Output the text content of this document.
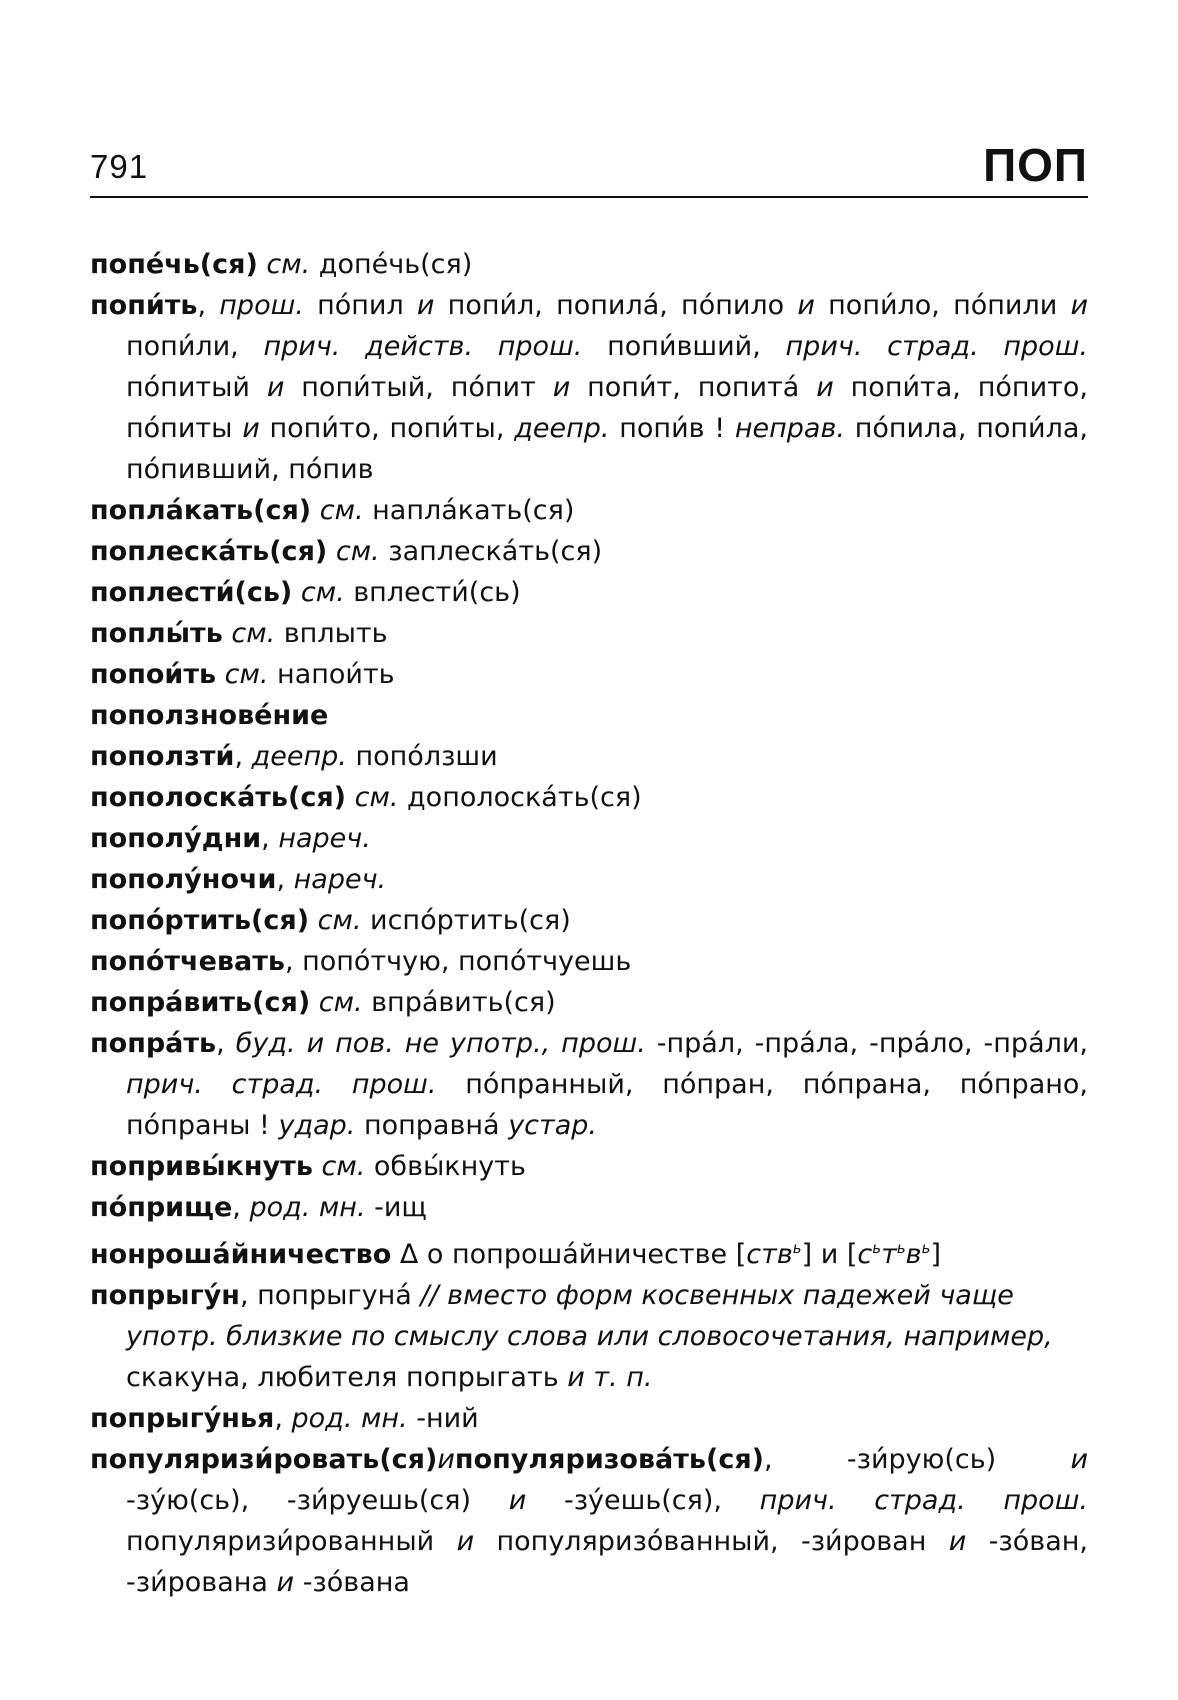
791	ПОП
попе́чь(ся) см. допе́чь(ся)
попи́ть, прош. по́пил и попи́л, попила́, по́пило и попи́ло, по́пили и попи́ли, прич. действ. прош. попи́вший, прич. страд. прош. по́питый и попи́тый, по́пит и попи́т, попита́ и попи́та, по́пито, по́питы и попи́то, попи́ты, деепр. попи́в ! неправ. по́пила, попи́ла, по́пивший, по́пив
попла́кать(ся) см. напла́кать(ся)
поплеска́ть(ся) см. заплеска́ть(ся)
поплести́(сь) см. вплести́(сь)
поплы́ть см. вплыть
попои́ть см. напои́ть
поползнове́ние
поползти́, деепр. попо́лзши
пополоска́ть(ся) см. дополоска́ть(ся)
пополу́дни, нареч.
пополу́ночи, нареч.
попо́ртить(ся) см. испо́ртить(ся)
попо́тчевать, попо́тчую, попо́тчуешь
попра́вить(ся) см. впра́вить(ся)
попра́ть, буд. и пов. не употр., прош. -пра́л, -пра́ла, -пра́ло, -пра́ли, прич. страд. прош. по́пранный, по́пран, по́прана, по́прано, по́праны ! удар. поправна́ устар.
попривы́кнуть см. обвы́кнуть
по́прище, род. мн. -ищ
нонроша́йничество Δ о попроша́йничестве [ств$^ь$] и $[с^ьт^ьв^ь]$
попрыгу́н, попрыгуна́ // вместо форм косвенных падежей чаще употр. близкие по смыслу слова или словосочетания, например, скакуна, любителя попрыгать и т. п.
попрыгу́нья, род. мн. -ний
популяризи́ровать(ся)ипопуляризова́ть(ся), -зи́рую(сь) и -зу́ю(сь), -зи́руешь(ся) и -зу́ешь(ся), прич. страд. прош. популяризи́рованный и популяризо́ванный, -зи́рован и -зо́ван, -зи́рована и -зо́вана
